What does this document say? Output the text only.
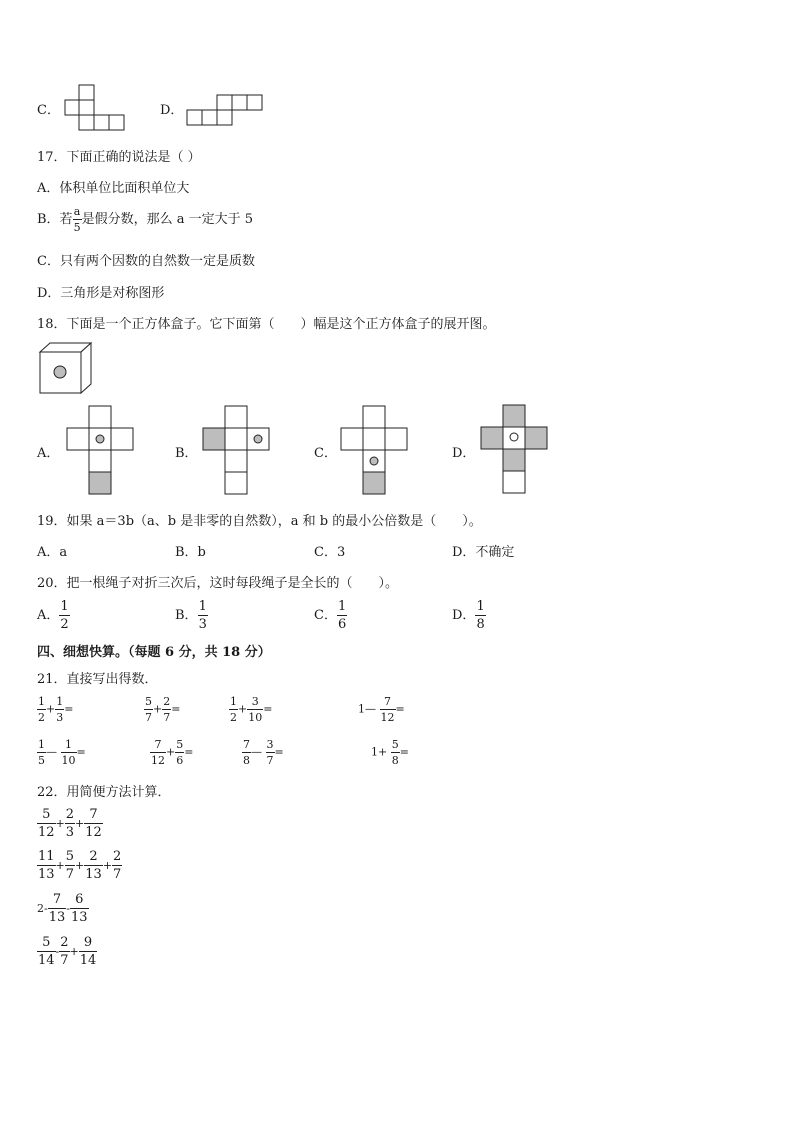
C．	D．
17．下面正确的说法是（ ）
A．体积单位比面积单位大
B．若 $\frac{a}{5}$ 是假分数，那么 a 一定大于 5
C．只有两个因数的自然数一定是质数
D．三角形是对称图形
18．下面是一个正方体盒子。它下面第（　　）幅是这个正方体盒子的展开图。
A．	B．	C．	D．
19．如果 a＝3b（a、b 是非零的自然数），a 和 b 的最小公倍数是（　　）。
A．a	B．b	C．3	D．不确定
20．把一根绳子对折三次后，这时每段绳子是全长的（　　）。
A． $\frac{1}{2}$	B． $\frac{1}{3}$	C． $\frac{1}{6}$	D． $\frac{1}{8}$
四、细想快算。（每题 6 分，共 18 分）
21．直接写出得数．
$\frac{1}{2} + \frac{1}{3}$ =	$\frac{5}{7} + \frac{2}{7}$ =	$\frac{1}{2} + \frac{3}{10}$ =	1— $\frac{7}{12}$ =
$\frac{1}{5}$ — $\frac{1}{10}$ =	$\frac{7}{12} + \frac{5}{6}$ =	$\frac{7}{8}$ — $\frac{3}{7}$ =	$1+ \frac{5}{8}$ =
22．用简便方法计算．
$\frac{5}{12} + \frac{2}{3} + \frac{7}{12}$
$\frac{11}{13} + \frac{5}{7} + \frac{2}{13} + \frac{2}{7}$
$2- \frac{7}{13} - \frac{6}{13}$
$\frac{5}{14} - \frac{2}{7} + \frac{9}{14}$
